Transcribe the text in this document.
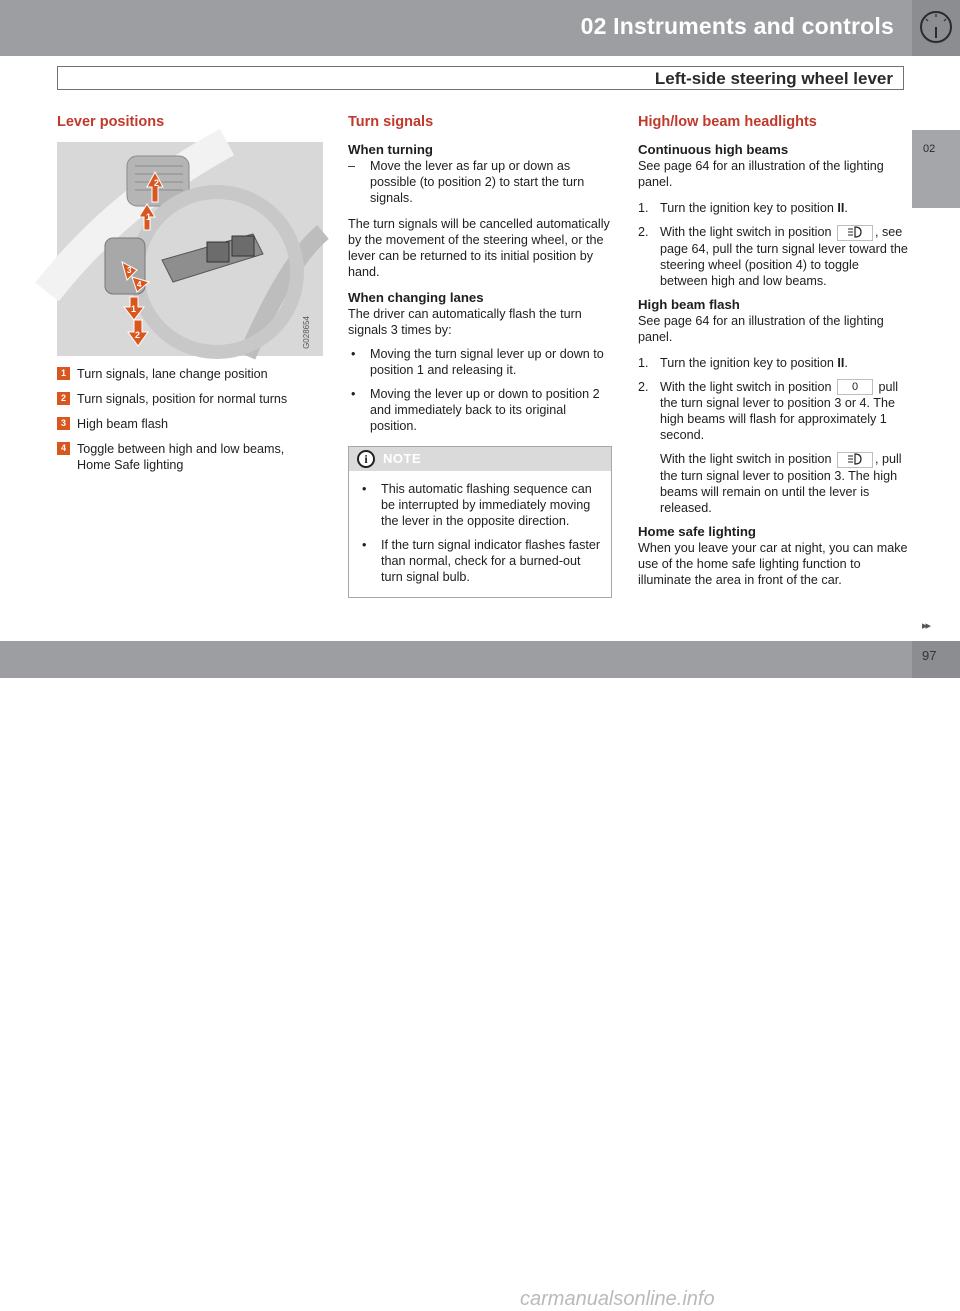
02 Instruments and controls
Left-side steering wheel lever
02
Lever positions
2
1
3
4
1
2	G028654
1 Turn signals, lane change position
2 Turn signals, position for normal turns
3 High beam flash
4 Toggle between high and low beams, Home Safe lighting
Turn signals
When turning
– Move the lever as far up or down as possible (to position 2) to start the turn signals.

The turn signals will be cancelled automatically by the movement of the steering wheel, or the lever can be returned to its initial position by hand.

When changing lanes

The driver can automatically flash the turn signals 3 times by:

• Moving the turn signal lever up or down to position 1 and releasing it.
• Moving the lever up or down to position 2 and immediately back to its original position.
i	NOTE
• This automatic flashing sequence can be interrupted by immediately moving the lever in the opposite direction.
• If the turn signal indicator flashes faster than normal, check for a burned-out turn signal bulb.
High/low beam headlights
Continuous high beams

See page 64 for an illustration of the lighting panel.

1. Turn the ignition key to position II.
2. With the light switch in position	, see page 64, pull the turn signal lever toward the steering wheel (position 4) to toggle between high and low beams.
High beam flash

See page 64 for an illustration of the lighting panel.

1. Turn the ignition key to position II.
2. With the light switch in position 0 pull the turn signal lever to position 3 or 4. The high beams will flash for approximately 1 second.
With the light switch in position	, pull the turn signal lever to position 3. The high beams will remain on until the lever is released.
Home safe lighting

When you leave your car at night, you can make use of the home safe lighting function to illuminate the area in front of the car.

carmanualsonline.info
▸▸
97
